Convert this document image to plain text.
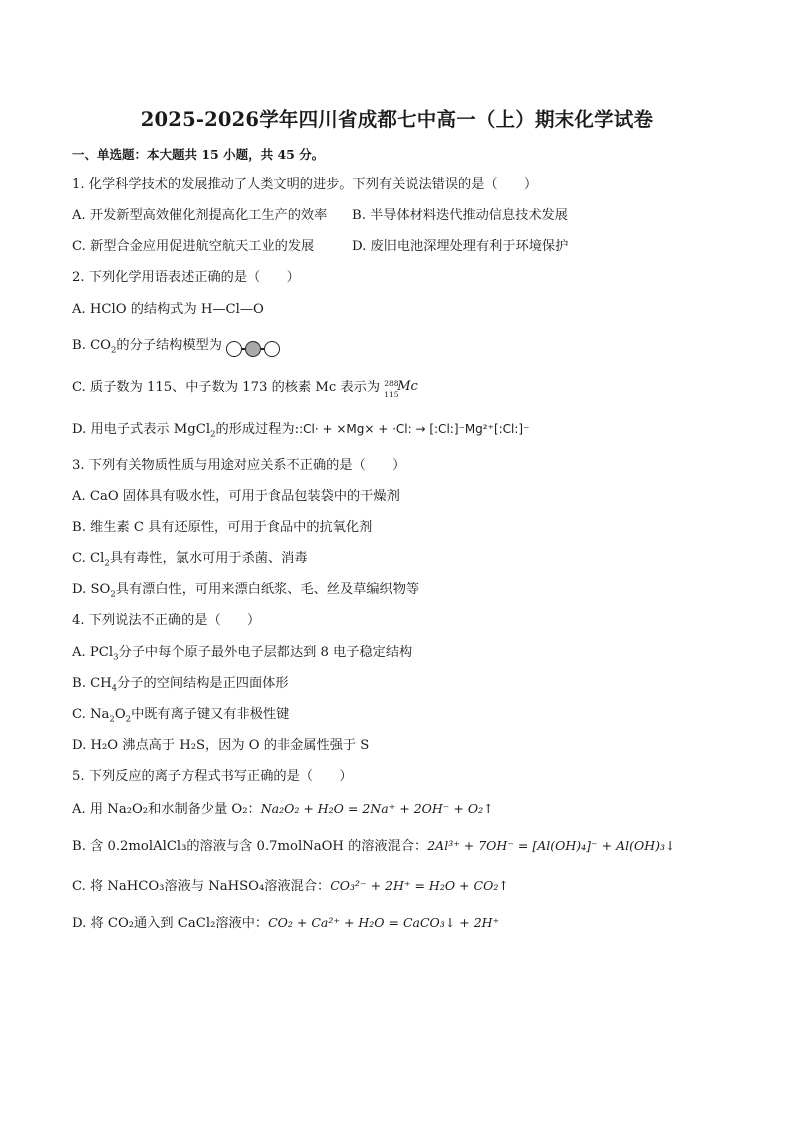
2025-2026学年四川省成都七中高一（上）期末化学试卷
一、单选题：本大题共 15 小题，共 45 分。
1. 化学科学技术的发展推动了人类文明的进步。下列有关说法错误的是（　　）
A. 开发新型高效催化剂提高化工生产的效率 B. 半导体材料迭代推动信息技术发展
C. 新型合金应用促进航空航天工业的发展	D. 废旧电池深埋处理有利于环境保护
2. 下列化学用语表述正确的是（　　）
A. HClO 的结构式为 H—Cl—O
B. $CO_2$的分子结构模型为
C. 质子数为 115、中子数为 173 的核素 Mc 表示为 288
115
Mc
D. 用电子式表示 MgCl$_2$的形成过程为::Cl· + ×Mg× + ·Cl: → [:Cl:]⁻Mg²⁺[:Cl:]⁻
3. 下列有关物质性质与用途对应关系不正确的是（　　）
A. CaO 固体具有吸水性，可用于食品包装袋中的干燥剂
B. 维生素 C 具有还原性，可用于食品中的抗氧化剂
C. $Cl_2$具有毒性，氯水可用于杀菌、消毒
D. $SO_2$具有漂白性，可用来漂白纸浆、毛、丝及草编织物等
4. 下列说法不正确的是（　　）
A. PCl$_3$分子中每个原子最外电子层都达到 8 电子稳定结构
B. $CH_4$分子的空间结构是正四面体形
C. $Na_2O_2$中既有离子键又有非极性键
D. H₂O 沸点高于 H₂S，因为 O 的非金属性强于 S
5. 下列反应的离子方程式书写正确的是（　　）
A. 用 Na₂O₂和水制备少量 O₂：Na₂O₂ + H₂O = 2Na⁺ + 2OH⁻ + O₂↑
B. 含 0.2molAlCl₃的溶液与含 0.7molNaOH 的溶液混合：2Al³⁺ + 7OH⁻ = [Al(OH)₄]⁻ + Al(OH)₃↓
C. 将 NaHCO₃溶液与 NaHSO₄溶液混合：CO₃²⁻ + 2H⁺ = H₂O + CO₂↑
D. 将 CO₂通入到 CaCl₂溶液中：CO₂ + Ca²⁺ + H₂O = CaCO₃↓ + 2H⁺
